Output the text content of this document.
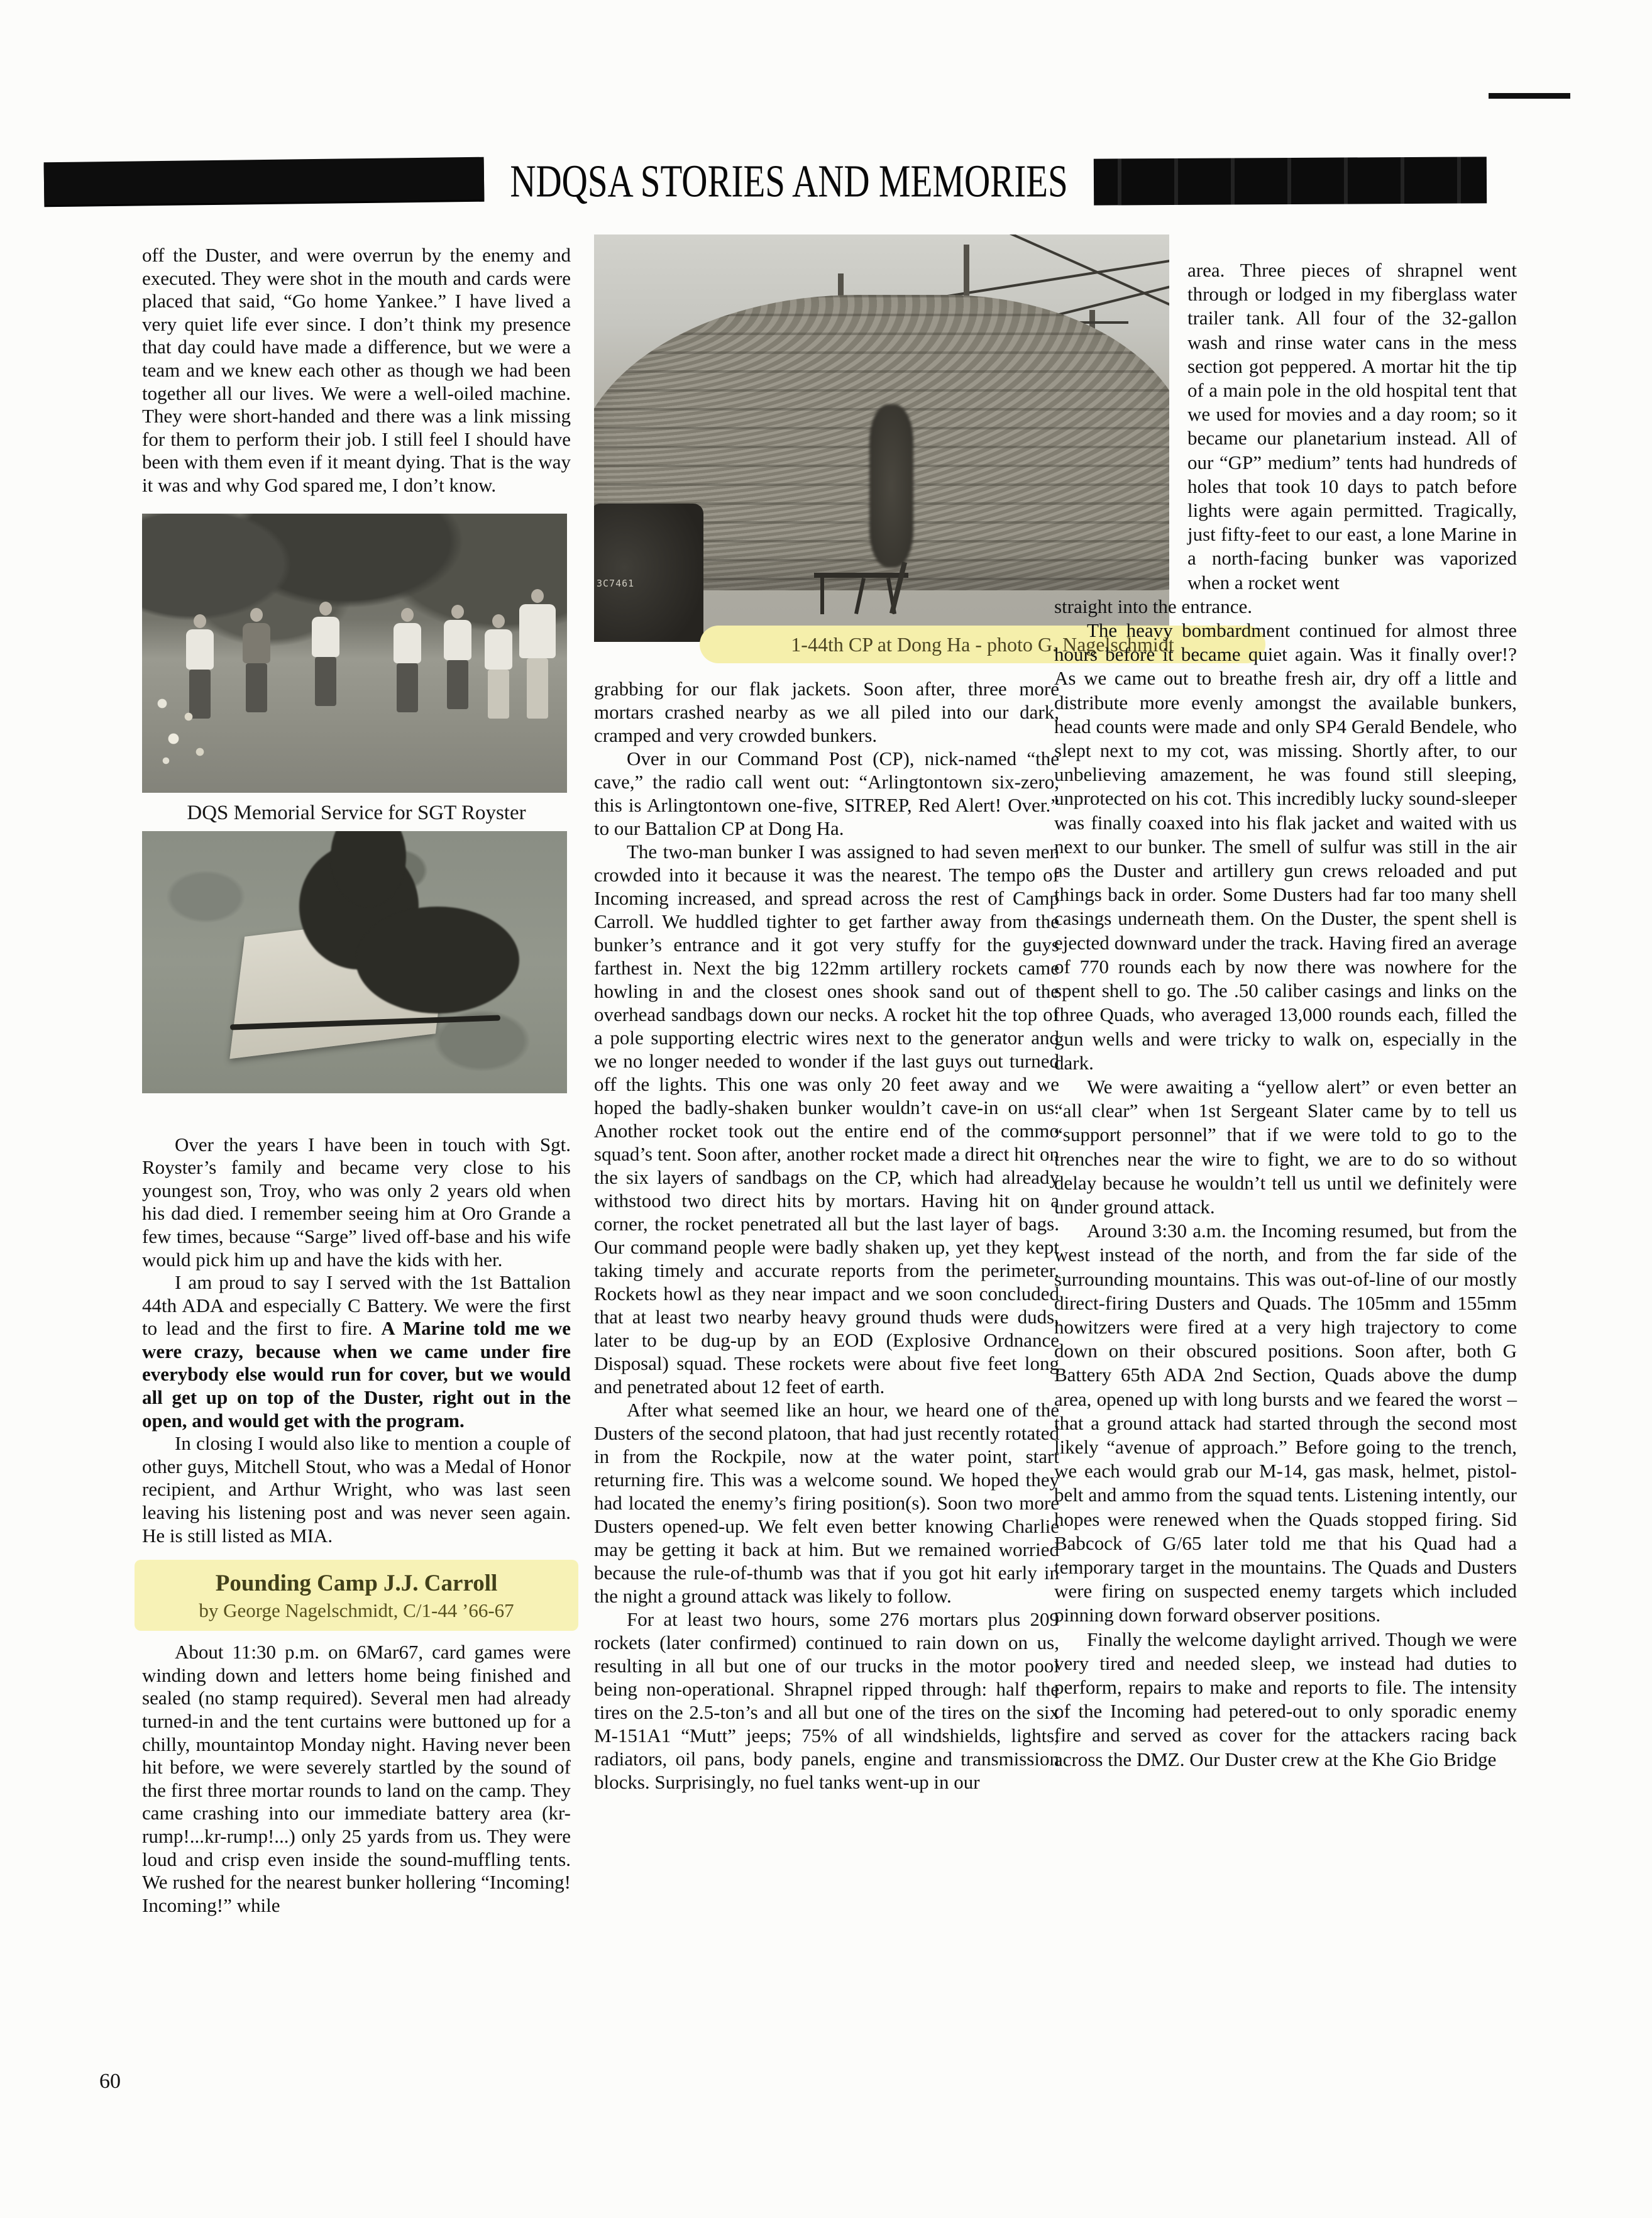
NDQSA STORIES AND MEMORIES

off the Duster, and were overrun by the enemy and executed. They were shot in the mouth and cards were placed that said, “Go home Yankee.” I have lived a very quiet life ever since. I don’t think my presence that day could have made a difference, but we were a team and we knew each other as though we had been together all our lives. We were a well-oiled machine. They were short-handed and there was a link missing for them to perform their job. I still feel I should have been with them even if it meant dying. That is the way it was and why God spared me, I don’t know.

DQS Memorial Service for SGT Royster

Over the years I have been in touch with Sgt. Royster’s family and became very close to his youngest son, Troy, who was only 2 years old when his dad died. I remember seeing him at Oro Grande a few times, because “Sarge” lived off-base and his wife would pick him up and have the kids with her.

I am proud to say I served with the 1st Battalion 44th ADA and especially C Battery. We were the first to lead and the first to fire. A Marine told me we were crazy, because when we came under fire everybody else would run for cover, but we would all get up on top of the Duster, right out in the open, and would get with the program.

In closing I would also like to mention a couple of other guys, Mitchell Stout, who was a Medal of Honor recipient, and Arthur Wright, who was last seen leaving his listening post and was never seen again. He is still listed as MIA.

Pounding Camp J.J. Carroll
by George Nagelschmidt, C/1-44 ’66-67

About 11:30 p.m. on 6Mar67, card games were winding down and letters home being finished and sealed (no stamp required). Several men had already turned-in and the tent curtains were buttoned up for a chilly, mountaintop Monday night. Having never been hit before, we were severely startled by the sound of the first three mortar rounds to land on the camp. They came crashing into our immediate battery area (kr-rump!...kr-rump!...) only 25 yards from us. They were loud and crisp even inside the sound-muffling tents. We rushed for the nearest bunker hollering “Incoming! Incoming!” while

60
3C7461
1-44th CP at Dong Ha - photo G. Nagelschmidt

grabbing for our flak jackets. Soon after, three more mortars crashed nearby as we all piled into our dark, cramped and very crowded bunkers.

Over in our Command Post (CP), nick-named “the cave,” the radio call went out: “Arlingtontown six-zero, this is Arlingtontown one-five, SITREP, Red Alert! Over.” to our Battalion CP at Dong Ha.

The two-man bunker I was assigned to had seven men crowded into it because it was the nearest. The tempo of Incoming increased, and spread across the rest of Camp Carroll. We huddled tighter to get farther away from the bunker’s entrance and it got very stuffy for the guys farthest in. Next the big 122mm artillery rockets came howling in and the closest ones shook sand out of the overhead sandbags down our necks. A rocket hit the top of a pole supporting electric wires next to the generator and we no longer needed to wonder if the last guys out turned off the lights. This one was only 20 feet away and we hoped the badly-shaken bunker wouldn’t cave-in on us. Another rocket took out the entire end of the commo squad’s tent. Soon after, another rocket made a direct hit on the six layers of sandbags on the CP, which had already withstood two direct hits by mortars. Having hit on a corner, the rocket penetrated all but the last layer of bags. Our command people were badly shaken up, yet they kept taking timely and accurate reports from the perimeter. Rockets howl as they near impact and we soon concluded that at least two nearby heavy ground thuds were duds, later to be dug-up by an EOD (Explosive Ordnance Disposal) squad. These rockets were about five feet long and penetrated about 12 feet of earth.

After what seemed like an hour, we heard one of the Dusters of the second platoon, that had just recently rotated in from the Rockpile, now at the water point, start returning fire. This was a welcome sound. We hoped they had located the enemy’s firing position(s). Soon two more Dusters opened-up. We felt even better knowing Charlie may be getting it back at him. But we remained worried because the rule-of-thumb was that if you got hit early in the night a ground attack was likely to follow.

For at least two hours, some 276 mortars plus 209 rockets (later confirmed) continued to rain down on us, resulting in all but one of our trucks in the motor pool being non-operational. Shrapnel ripped through: half the tires on the 2.5-ton’s and all but one of the tires on the six M-151A1 “Mutt” jeeps; 75% of all windshields, lights, radiators, oil pans, body panels, engine and transmission blocks. Surprisingly, no fuel tanks went-up in our

area. Three pieces of shrapnel went through or lodged in my fiberglass water trailer tank. All four of the 32-gallon wash and rinse water cans in the mess section got peppered. A mortar hit the tip of a main pole in the old hospital tent that we used for movies and a day room; so it became our planetarium instead. All of our “GP” medium” tents had hundreds of holes that took 10 days to patch before lights were again permitted. Tragically, just fifty-feet to our east, a lone Marine in a north-facing bunker was vaporized when a rocket went

straight into the entrance.

The heavy bombardment continued for almost three hours before it became quiet again. Was it finally over!? As we came out to breathe fresh air, dry off a little and distribute more evenly amongst the available bunkers, head counts were made and only SP4 Gerald Bendele, who slept next to my cot, was missing. Shortly after, to our unbelieving amazement, he was found still sleeping, unprotected on his cot. This incredibly lucky sound-sleeper was finally coaxed into his flak jacket and waited with us next to our bunker. The smell of sulfur was still in the air as the Duster and artillery gun crews reloaded and put things back in order. Some Dusters had far too many shell casings underneath them. On the Duster, the spent shell is ejected downward under the track. Having fired an average of 770 rounds each by now there was nowhere for the spent shell to go. The .50 caliber casings and links on the three Quads, who averaged 13,000 rounds each, filled the gun wells and were tricky to walk on, especially in the dark.

We were awaiting a “yellow alert” or even better an “all clear” when 1st Sergeant Slater came by to tell us “support personnel” that if we were told to go to the trenches near the wire to fight, we are to do so without delay because he wouldn’t tell us until we definitely were under ground attack.

Around 3:30 a.m. the Incoming resumed, but from the west instead of the north, and from the far side of the surrounding mountains. This was out-of-line of our mostly direct-firing Dusters and Quads. The 105mm and 155mm howitzers were fired at a very high trajectory to come down on their obscured positions. Soon after, both G Battery 65th ADA 2nd Section, Quads above the dump area, opened up with long bursts and we feared the worst – that a ground attack had started through the second most likely “avenue of approach.” Before going to the trench, we each would grab our M-14, gas mask, helmet, pistol-belt and ammo from the squad tents. Listening intently, our hopes were renewed when the Quads stopped firing. Sid Babcock of G/65 later told me that his Quad had a temporary target in the mountains. The Quads and Dusters were firing on suspected enemy targets which included pinning down forward observer positions.

Finally the welcome daylight arrived. Though we were very tired and needed sleep, we instead had duties to perform, repairs to make and reports to file. The intensity of the Incoming had petered-out to only sporadic enemy fire and served as cover for the attackers racing back across the DMZ. Our Duster crew at the Khe Gio Bridge
